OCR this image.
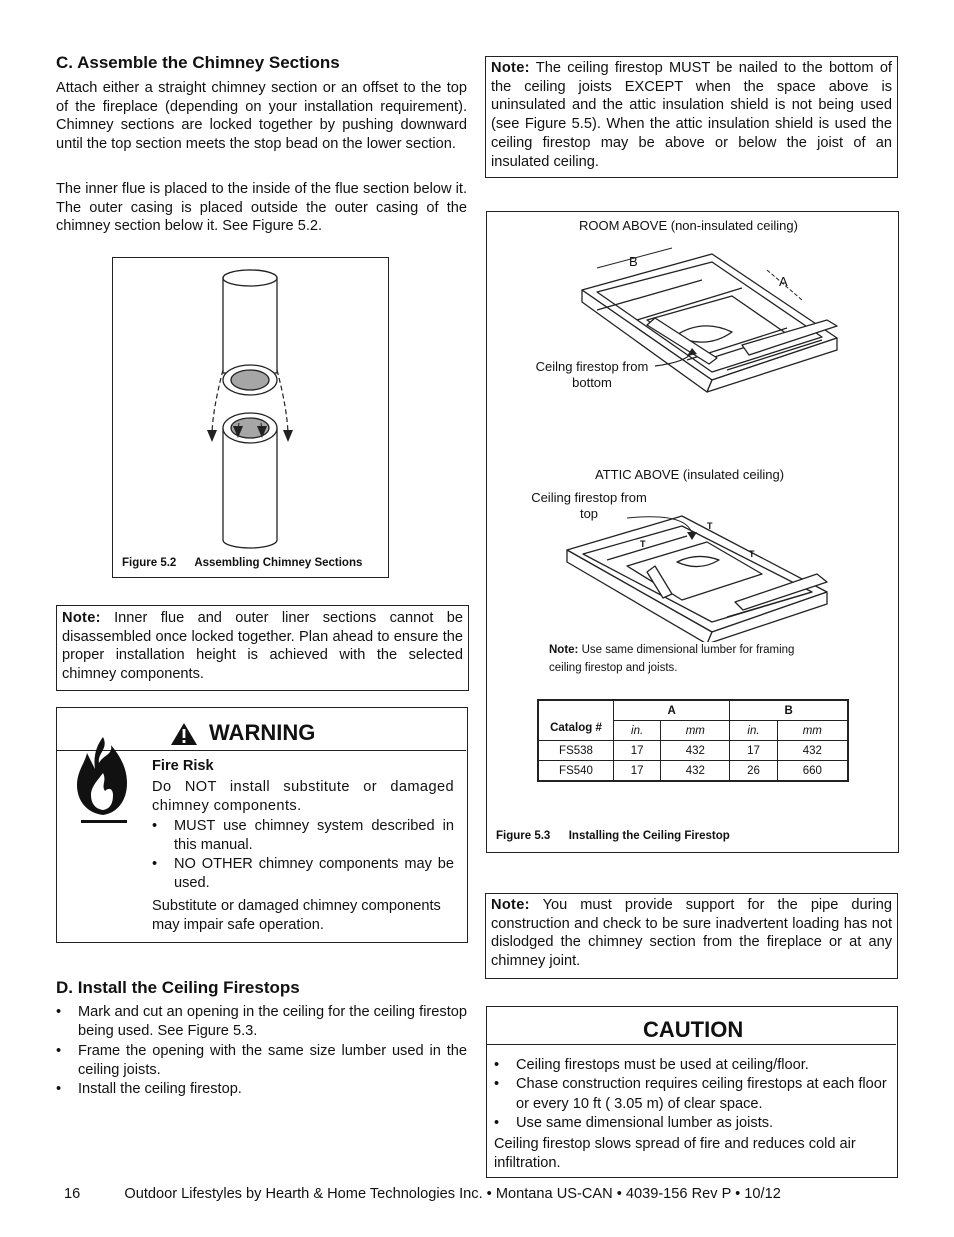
C. Assemble the Chimney Sections

Attach either a straight chimney section or an offset to the top of the fireplace (depending on your installation requirement). Chimney sections are locked together by pushing downward until the top section meets the stop bead on the lower section.

The inner flue is placed to the inside of the flue section below it. The outer casing is placed outside the outer casing of the chimney section below it. See Figure 5.2.

Figure 5.2 Assembling Chimney Sections
Note: Inner flue and outer liner sections cannot be disassembled once locked together. Plan ahead to ensure the proper installation height is achieved with the selected chimney components.
WARNING
Fire Risk
Do NOT install substitute or damaged chimney components.
• MUST use chimney system described in this manual.
• NO OTHER chimney components may be used.
Substitute or damaged chimney components may impair safe operation.
D. Install the Ceiling Firestops
• Mark and cut an opening in the ceiling for the ceiling firestop being used. See Figure 5.3.
• Frame the opening with the same size lumber used in the ceiling joists.
• Install the ceiling firestop.
Note: The ceiling firestop MUST be nailed to the bottom of the ceiling joists EXCEPT when the space above is uninsulated and the attic insulation shield is not being used (see Figure 5.5). When the attic insulation shield is used the ceiling firestop may be above or below the joist of an insulated ceiling.
ROOM ABOVE (non-insulated ceiling)
B
A
Ceilng firestop from
bottom
ATTIC ABOVE (insulated ceiling)
Ceiling firestop from
top
T
T
T
Note: Use same dimensional lumber for framing
ceiling firestop and joists.
Catalog #	A		B	
	in.	mm	in.	mm
FS538	17	432	17	432
FS540	17	432	26	660
Figure 5.3 Installing the Ceiling Firestop
Note: You must provide support for the pipe during construction and check to be sure inadvertent loading has not dislodged the chimney section from the fireplace or at any chimney joint.
CAUTION
• Ceiling firestops must be used at ceiling/floor.
• Chase construction requires ceiling firestops at each floor or every 10 ft ( 3.05 m) of clear space.
• Use same dimensional lumber as joists.
Ceiling firestop slows spread of fire and reduces cold air infiltration.
16	Outdoor Lifestyles by Hearth & Home Technologies Inc. • Montana US-CAN • 4039-156 Rev P • 10/12
